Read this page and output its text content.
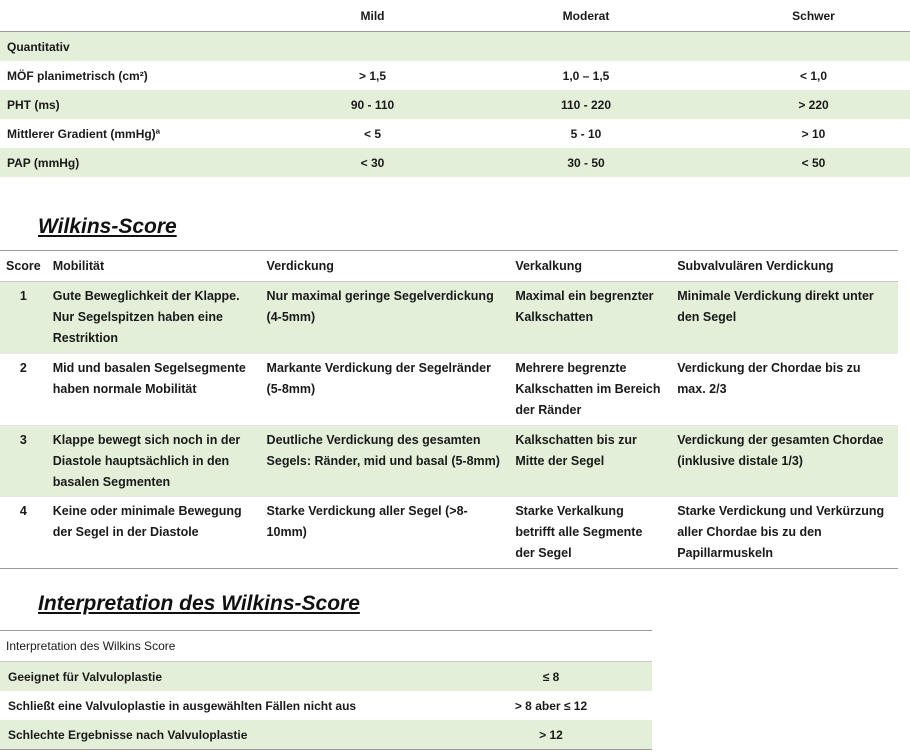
	Mild	Moderat	Schwer
Quantitativ			
MÖF planimetrisch (cm²)	> 1,5	1,0 – 1,5	< 1,0
PHT (ms)	90 - 110	110 - 220	> 220
Mittlerer Gradient (mmHg)ª	< 5	5 - 10	> 10
PAP (mmHg)	< 30	30 - 50	< 50
Wilkins-Score
Score	Mobilität	Verdickung	Verkalkung	Subvalvulären Verdickung
1	Gute Beweglichkeit der Klappe. Nur Segelspitzen haben eine Restriktion	Nur maximal geringe Segelverdickung (4-5mm)	Maximal ein begrenzter Kalkschatten	Minimale Verdickung direkt unter den Segel
2	Mid und basalen Segelsegmente haben normale Mobilität	Markante Verdickung der Segelränder (5-8mm)	Mehrere begrenzte Kalkschatten im Bereich der Ränder	Verdickung der Chordae bis zu max. 2/3
3	Klappe bewegt sich noch in der Diastole hauptsächlich in den basalen Segmenten	Deutliche Verdickung des gesamten Segels: Ränder, mid und basal (5-8mm)	Kalkschatten bis zur Mitte der Segel	Verdickung der gesamten Chordae (inklusive distale 1/3)
4	Keine oder minimale Bewegung der Segel in der Diastole	Starke Verdickung aller Segel (>8-10mm)	Starke Verkalkung betrifft alle Segmente der Segel	Starke Verdickung und Verkürzung aller Chordae bis zu den Papillarmuskeln
Interpretation des Wilkins-Score
Interpretation des Wilkins Score	
Geeignet für Valvuloplastie	≤ 8
Schließt eine Valvuloplastie in ausgewählten Fällen nicht aus	> 8 aber ≤ 12
Schlechte Ergebnisse nach Valvuloplastie	> 12
